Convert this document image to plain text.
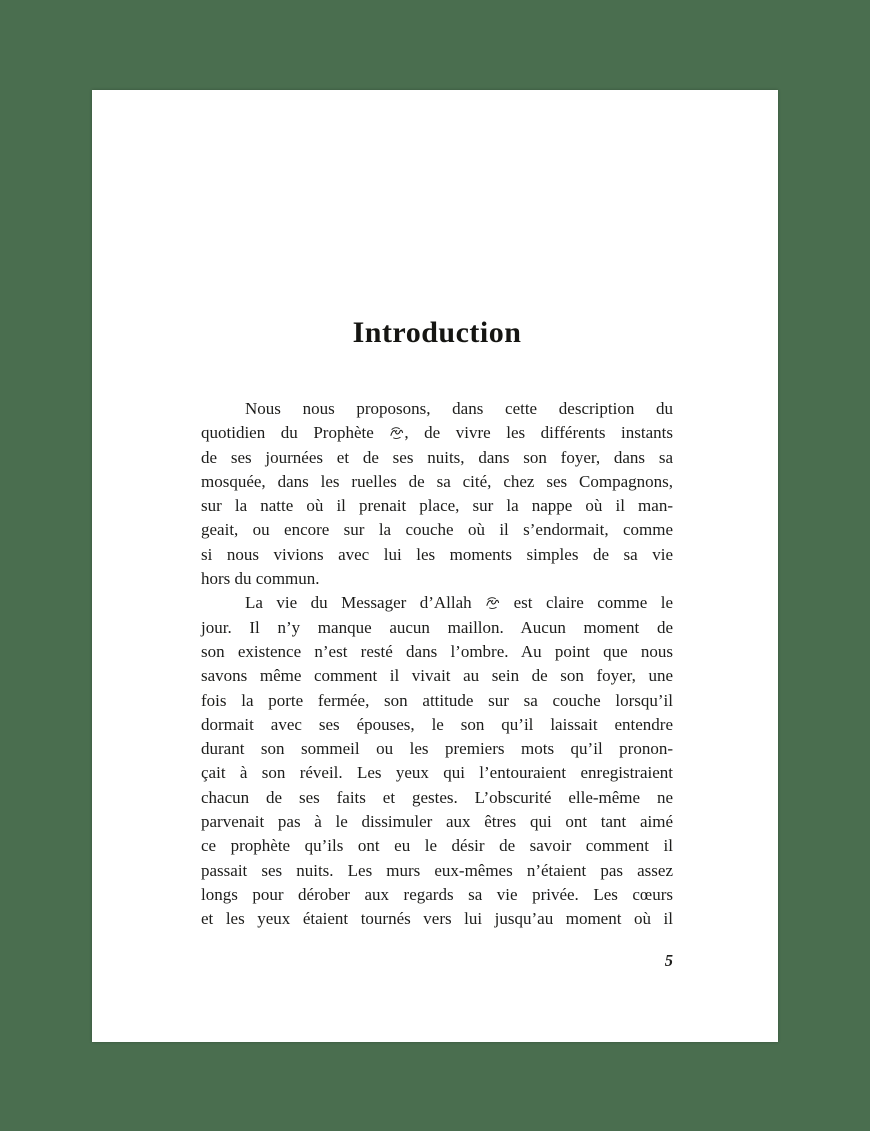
Introduction
Nous nous proposons, dans cette description du
quotidien du Prophète
, de vivre les différents instants
de ses journées et de ses nuits, dans son foyer, dans sa
mosquée, dans les ruelles de sa cité, chez ses Compagnons,
sur la natte où il prenait place, sur la nappe où il man-
geait, ou encore sur la couche où il s’endormait, comme
si nous vivions avec lui les moments simples de sa vie
hors du commun.
La vie du Messager d’Allah
est claire comme le
jour. Il n’y manque aucun maillon. Aucun moment de
son existence n’est resté dans l’ombre. Au point que nous
savons même comment il vivait au sein de son foyer, une
fois la porte fermée, son attitude sur sa couche lorsqu’il
dormait avec ses épouses, le son qu’il laissait entendre
durant son sommeil ou les premiers mots qu’il pronon-
çait à son réveil. Les yeux qui l’entouraient enregistraient
chacun de ses faits et gestes. L’obscurité elle-même ne
parvenait pas à le dissimuler aux êtres qui ont tant aimé
ce prophète qu’ils ont eu le désir de savoir comment il
passait ses nuits. Les murs eux-mêmes n’étaient pas assez
longs pour dérober aux regards sa vie privée. Les cœurs
et les yeux étaient tournés vers lui jusqu’au moment où il
5
